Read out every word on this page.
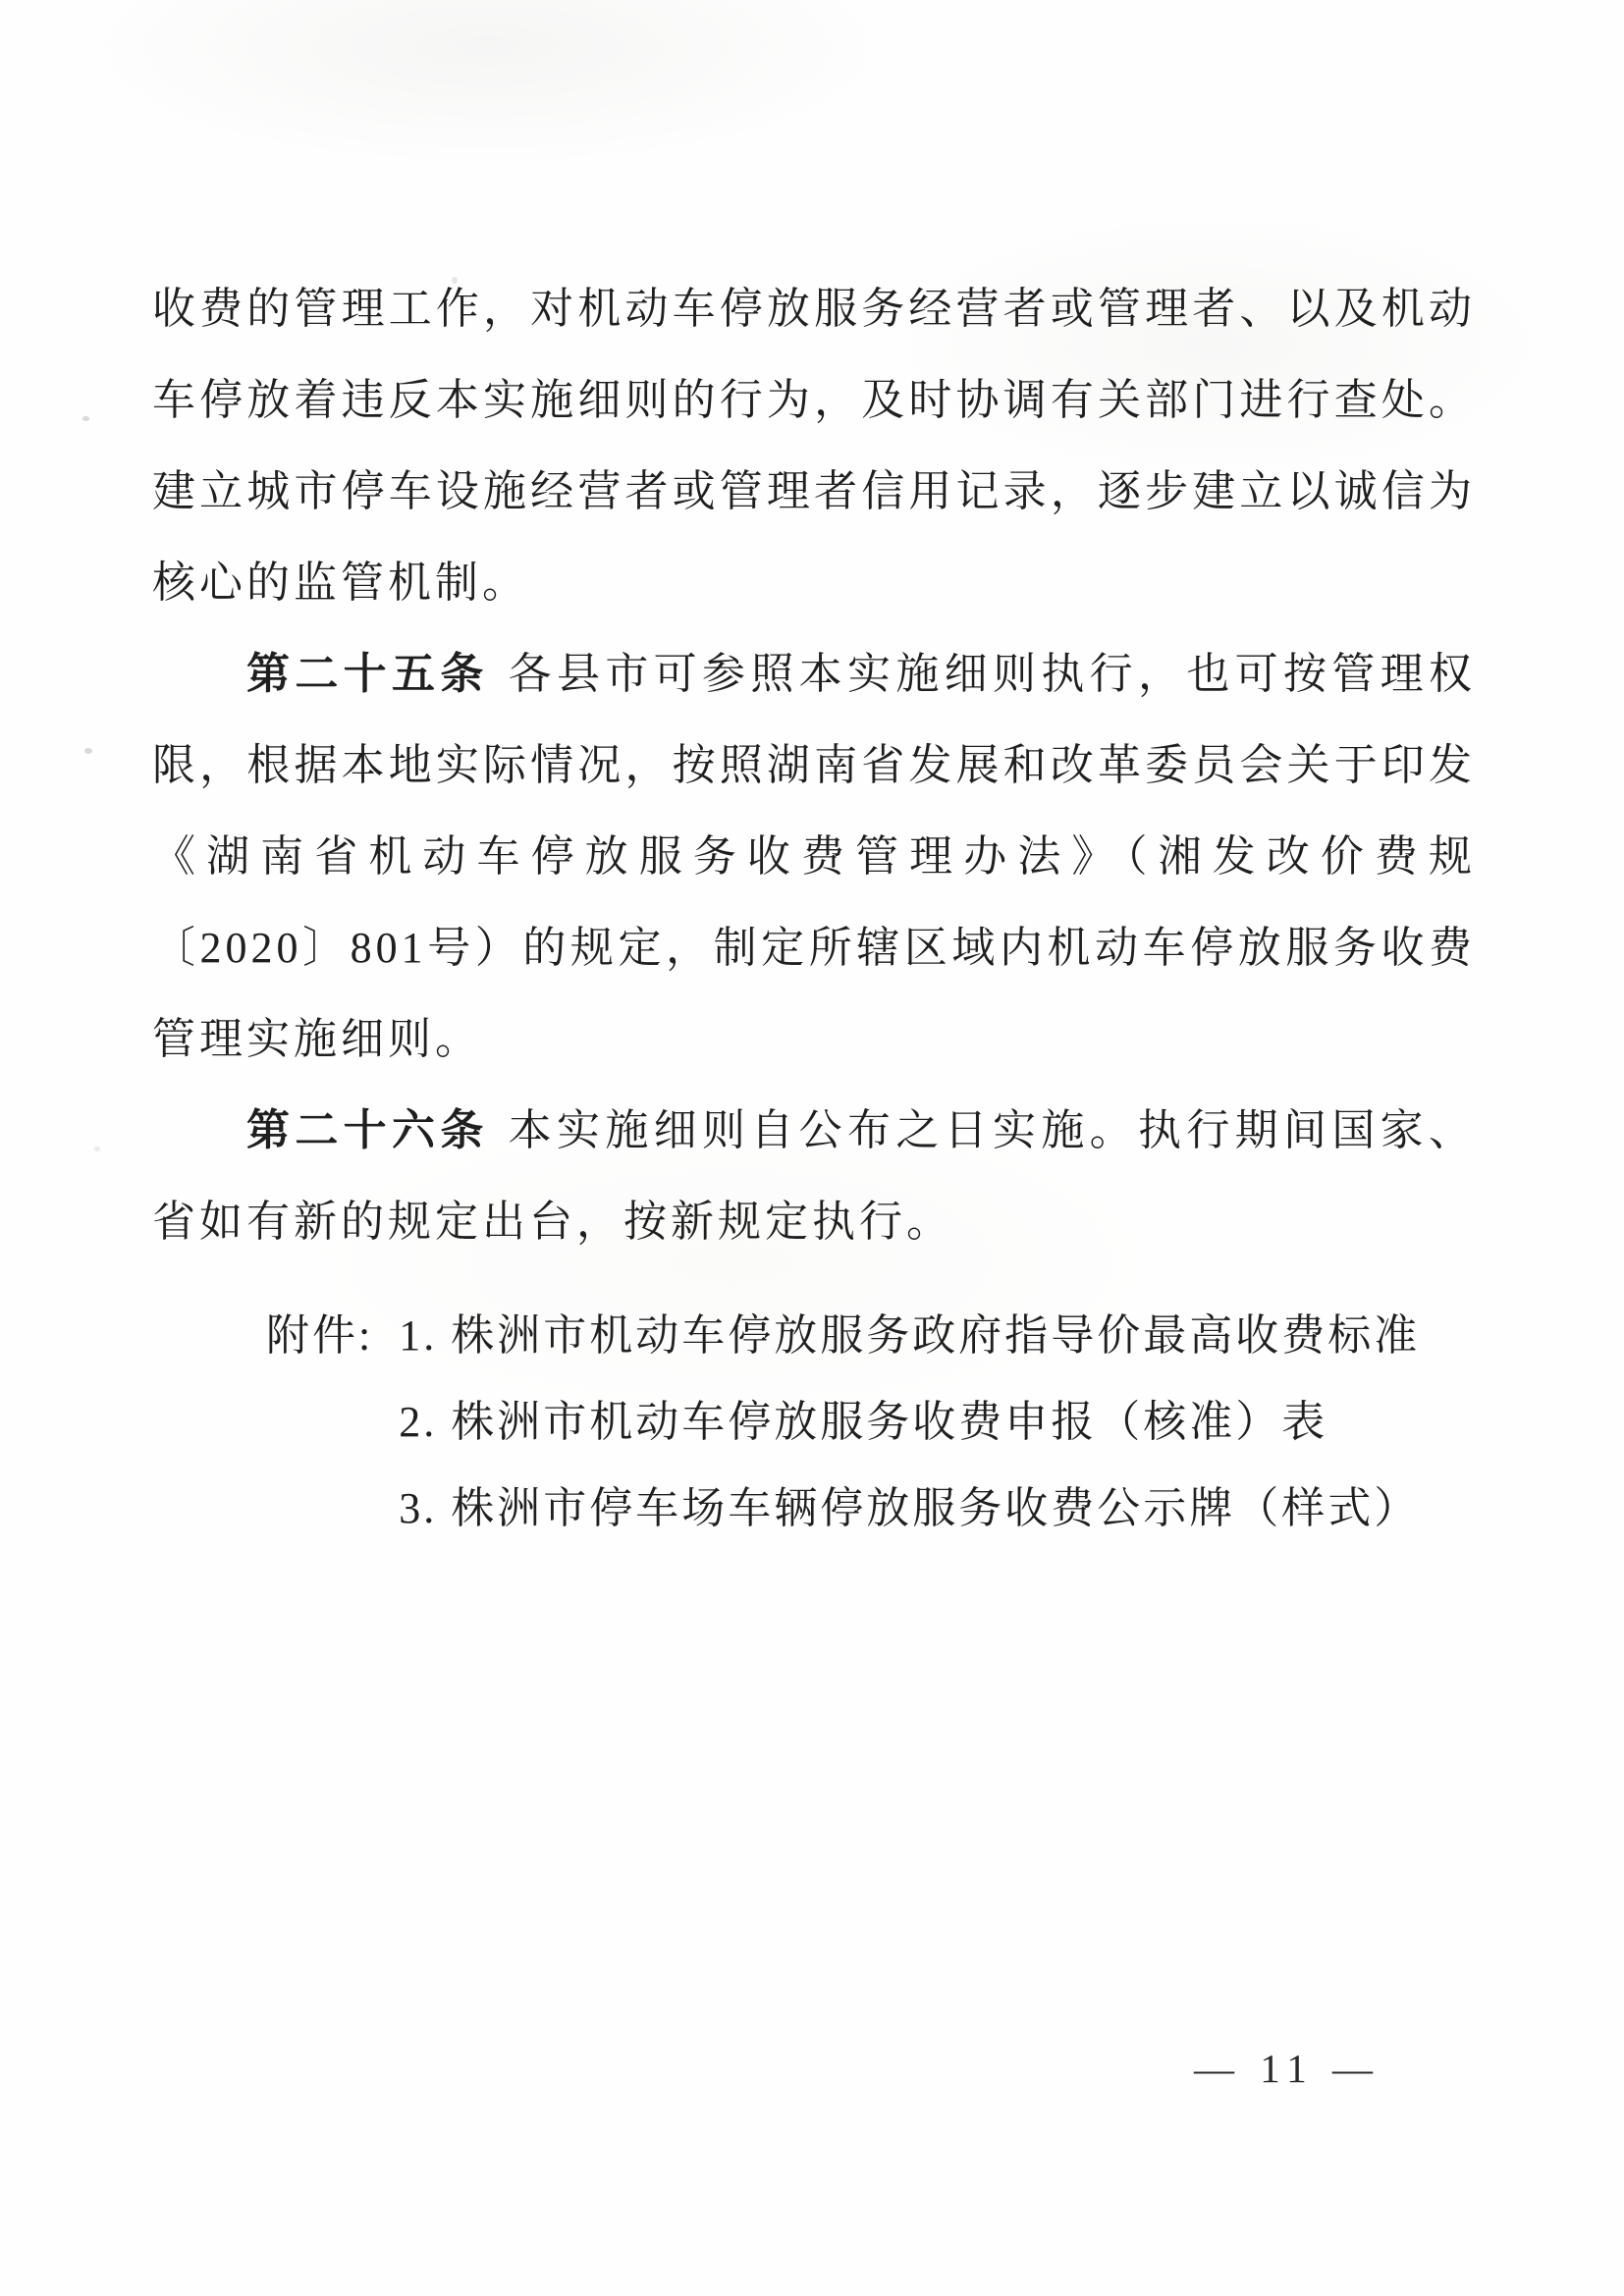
收费的管理工作，对机动车停放服务经营者或管理者、以及机动车停放着违反本实施细则的行为，及时协调有关部门进行查处。建立城市停车设施经营者或管理者信用记录，逐步建立以诚信为核心的监管机制。

第二十五条 各县市可参照本实施细则执行，也可按管理权限，根据本地实际情况，按照湖南省发展和改革委员会关于印发《湖南省机动车停放服务收费管理办法》（湘发改价费规〔2020〕801号）的规定，制定所辖区域内机动车停放服务收费管理实施细则。

第二十六条 本实施细则自公布之日实施。执行期间国家、省如有新的规定出台，按新规定执行。

附件: 1. 株洲市机动车停放服务政府指导价最高收费标准
2. 株洲市机动车停放服务收费申报（核准）表
3. 株洲市停车场车辆停放服务收费公示牌（样式）
— 11 —
